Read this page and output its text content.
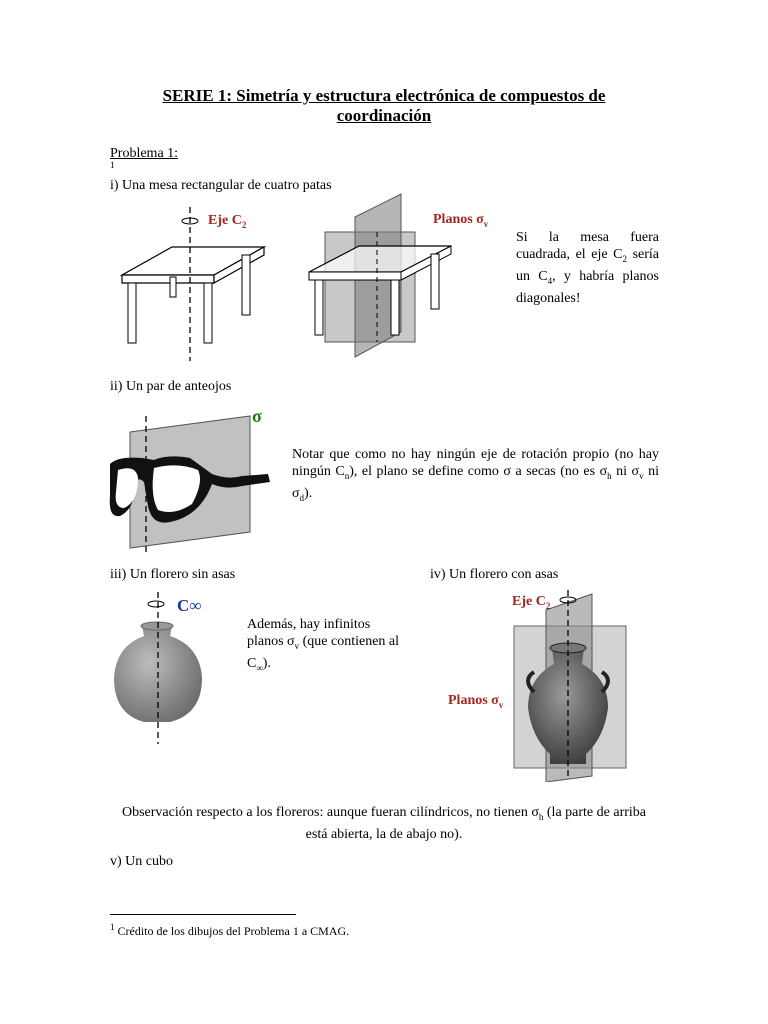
SERIE 1: Simetría y estructura electrónica de compuestos de
coordinación
Problema 1:
1
i) Una mesa rectangular de cuatro patas
Eje $C_2$	Planos $\sigma_v$
Si la mesa fuera cuadrada, el eje $C_2$ sería un $C_4$, y habría planos diagonales!
ii) Un par de anteojos
σ
Notar que como no hay ningún eje de rotación propio (no hay ningún $C_n$), el plano se define como σ a secas (no es $\sigma_h$ ni $\sigma_v$ ni $\sigma_d$).
iii) Un florero sin asas	iv) Un florero con asas
C∞
Además, hay infinitos planos $\sigma_v$ (que contienen al $C_\infty$).
Eje $C_2$
Planos $\sigma_v$
Observación respecto a los floreros: aunque fueran cilíndricos, no tienen $\sigma_h$ (la parte de arriba está abierta, la de abajo no).
v) Un cubo
$^1$ Crédito de los dibujos del Problema 1 a CMAG.
